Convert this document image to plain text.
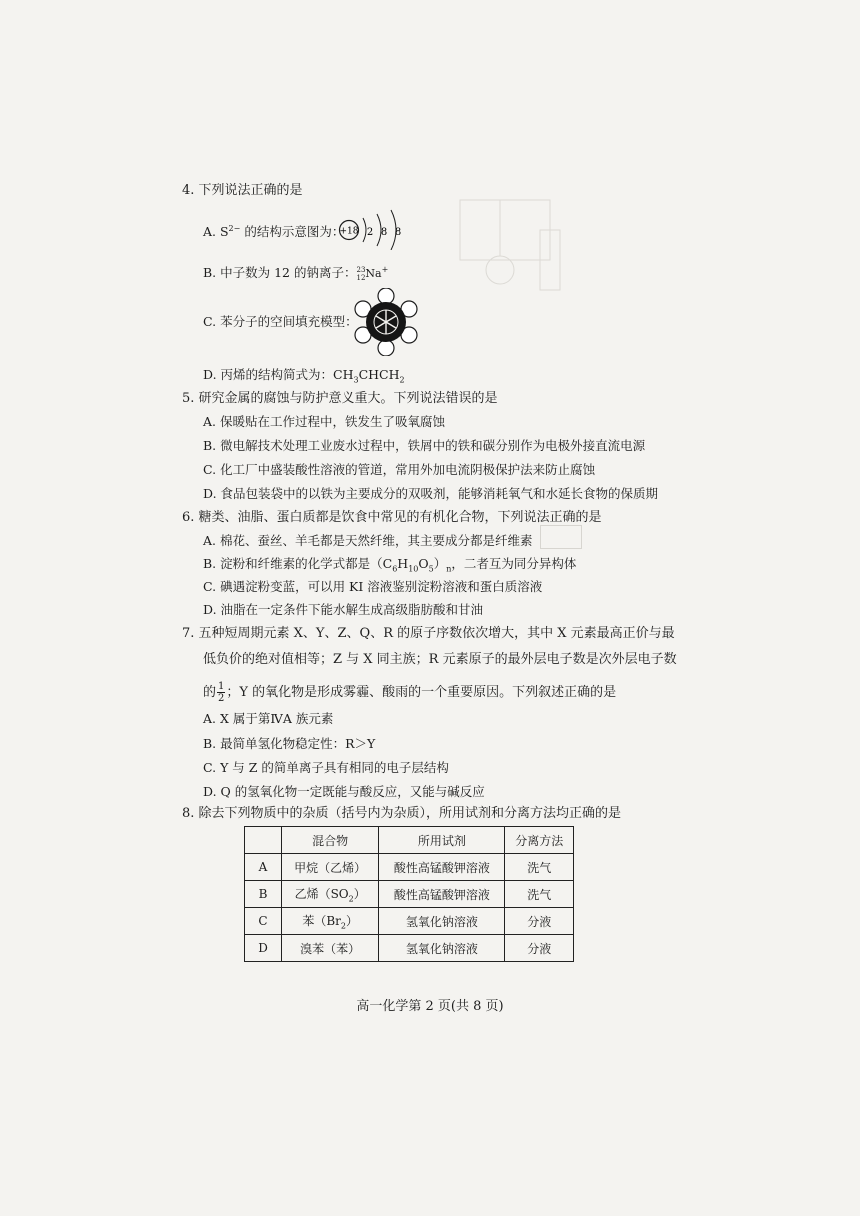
4. 下列说法正确的是
A. $S^{2-}$ 的结构示意图为：
+18 2 8 8
B. 中子数为 12 的钠离子： 23
12 Na+
C. 苯分子的空间填充模型：
D. 丙烯的结构简式为：$CH_3CHCH_2$
5. 研究金属的腐蚀与防护意义重大。下列说法错误的是
A. 保暖贴在工作过程中，铁发生了吸氧腐蚀
B. 微电解技术处理工业废水过程中，铁屑中的铁和碳分别作为电极外接直流电源
C. 化工厂中盛装酸性溶液的管道，常用外加电流阴极保护法来防止腐蚀
D. 食品包装袋中的以铁为主要成分的双吸剂，能够消耗氧气和水延长食物的保质期
6. 糖类、油脂、蛋白质都是饮食中常见的有机化合物，下列说法正确的是
A. 棉花、蚕丝、羊毛都是天然纤维，其主要成分都是纤维素
B. 淀粉和纤维素的化学式都是$(C_6H_{10}O_5)_n$，二者互为同分异构体
C. 碘遇淀粉变蓝，可以用 KI 溶液鉴别淀粉溶液和蛋白质溶液
D. 油脂在一定条件下能水解生成高级脂肪酸和甘油
7. 五种短周期元素 X、Y、Z、Q、R 的原子序数依次增大，其中 X 元素最高正价与最
低负价的绝对值相等；Z 与 X 同主族；R 元素原子的最外层电子数是次外层电子数
的 $\frac{1}{2}$ ；Y 的氧化物是形成雾霾、酸雨的一个重要原因。下列叙述正确的是
A. X 属于第ⅣA 族元素
B. 最简单氢化物稳定性：R＞Y
C. Y 与 Z 的简单离子具有相同的电子层结构
D. Q 的氢氧化物一定既能与酸反应，又能与碱反应
8. 除去下列物质中的杂质（括号内为杂质），所用试剂和分离方法均正确的是
	混合物	所用试剂	分离方法
A	甲烷（乙烯）	酸性高锰酸钾溶液	洗气
B	乙烯$(SO_2)$	酸性高锰酸钾溶液	洗气
C	苯$(Br_2)$	氢氧化钠溶液	分液
D	溴苯（苯）	氢氧化钠溶液	分液
高一化学第 2 页(共 8 页)
